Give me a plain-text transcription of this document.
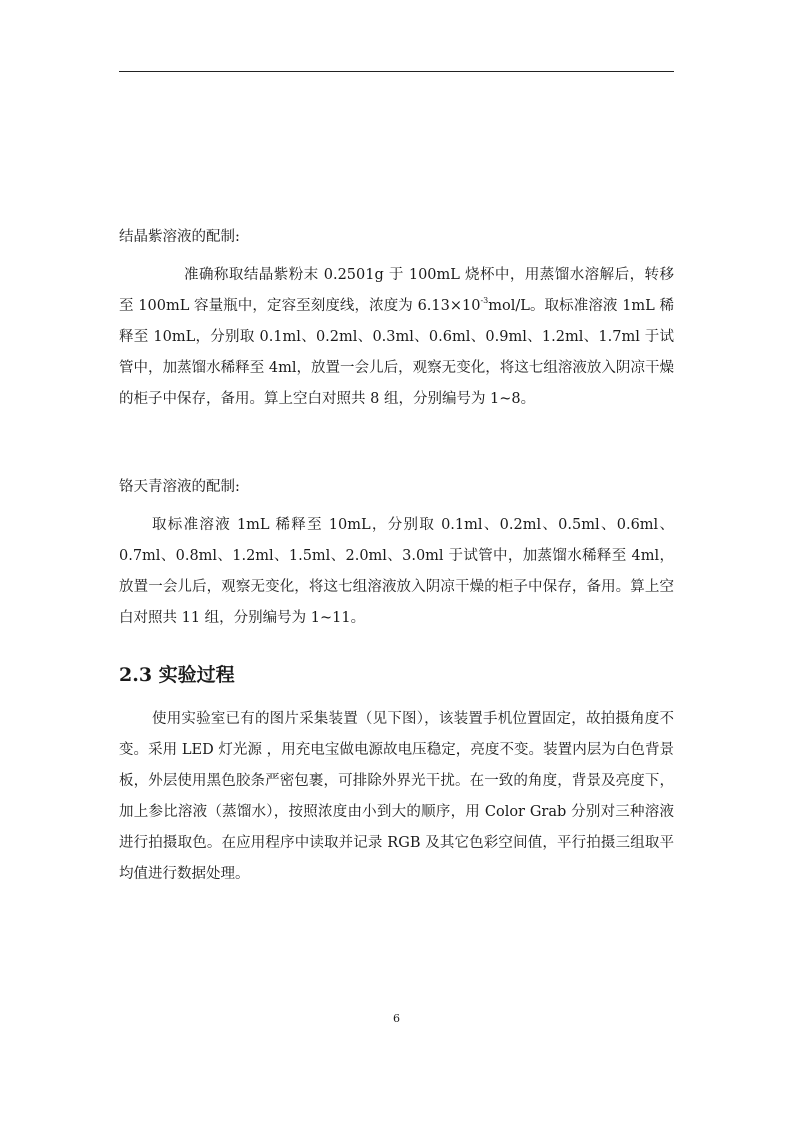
结晶紫溶液的配制:

准确称取结晶紫粉末 0.2501g 于 100mL 烧杯中，用蒸馏水溶解后，转移至 100mL 容量瓶中，定容至刻度线，浓度为 $6.13\times 10^{-3}mol/L$。取标准溶液 1mL 稀释至 10mL，分别取 0.1ml、0.2ml、0.3ml、0.6ml、0.9ml、1.2ml、1.7ml 于试管中，加蒸馏水稀释至 4ml，放置一会儿后，观察无变化，将这七组溶液放入阴凉干燥的柜子中保存，备用。算上空白对照共 8 组，分别编号为 1~8。

铬天青溶液的配制:

取标准溶液 1mL 稀释至 10mL，分别取 0.1ml、0.2ml、0.5ml、0.6ml、0.7ml、0.8ml、1.2ml、1.5ml、2.0ml、3.0ml 于试管中，加蒸馏水稀释至 4ml，放置一会儿后，观察无变化，将这七组溶液放入阴凉干燥的柜子中保存，备用。算上空白对照共 11 组，分别编号为 1~11。

2.3 实验过程

使用实验室已有的图片采集装置（见下图），该装置手机位置固定，故拍摄角度不变。采用 LED 灯光源 ，用充电宝做电源故电压稳定，亮度不变。装置内层为白色背景板，外层使用黑色胶条严密包裹，可排除外界光干扰。在一致的角度，背景及亮度下，加上参比溶液（蒸馏水），按照浓度由小到大的顺序，用 Color Grab 分别对三种溶液进行拍摄取色。在应用程序中读取并记录 RGB 及其它色彩空间值，平行拍摄三组取平均值进行数据处理。

6
